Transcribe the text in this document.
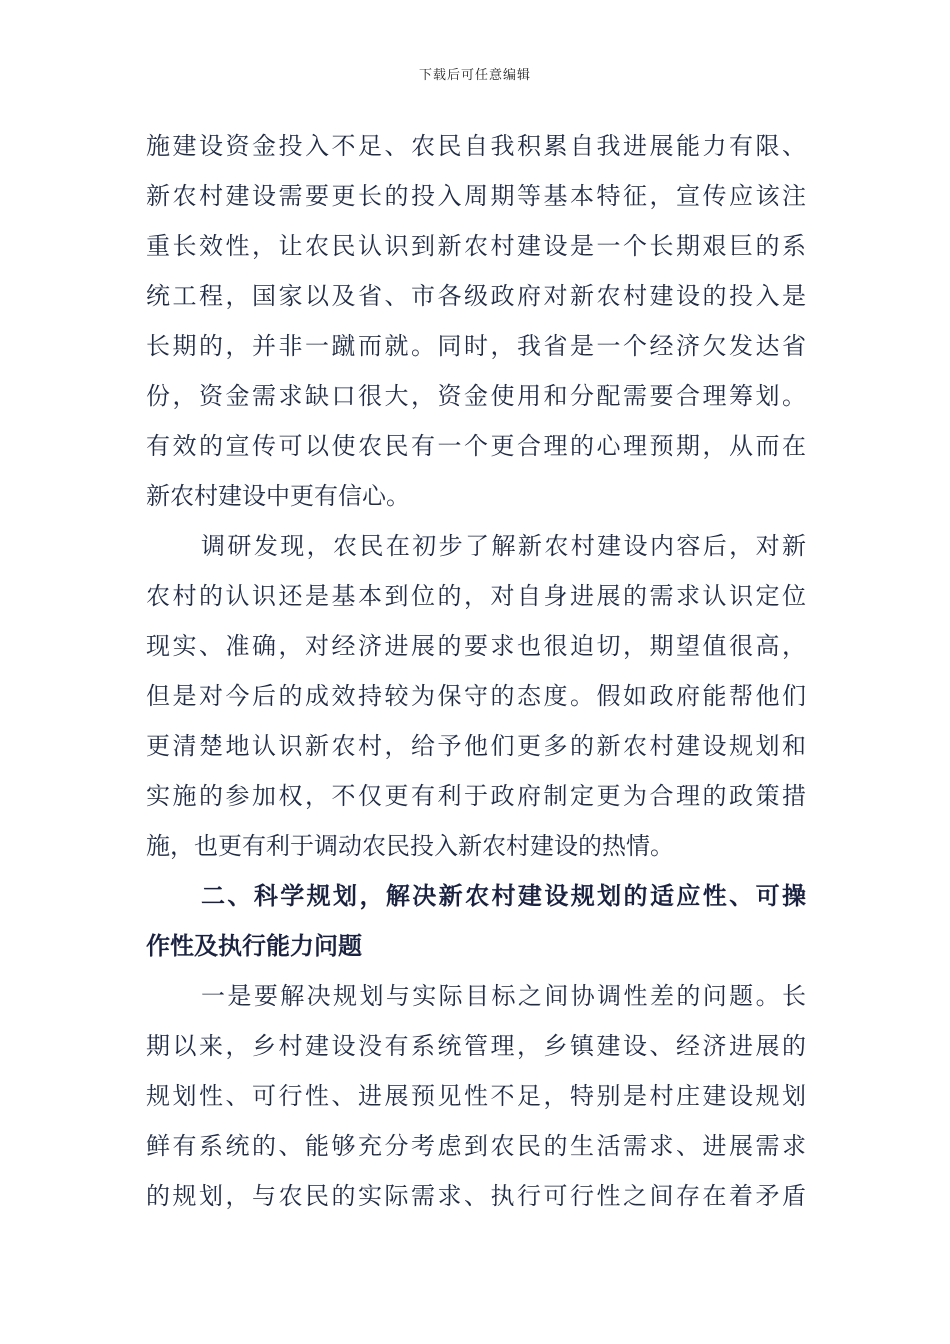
下载后可任意编辑
施建设资金投入不足、农民自我积累自我进展能力有限、
新农村建设需要更长的投入周期等基本特征，宣传应该注
重长效性，让农民认识到新农村建设是一个长期艰巨的系
统工程，国家以及省、市各级政府对新农村建设的投入是
长期的，并非一蹴而就。同时，我省是一个经济欠发达省
份，资金需求缺口很大，资金使用和分配需要合理筹划。
有效的宣传可以使农民有一个更合理的心理预期，从而在
新农村建设中更有信心。
调研发现，农民在初步了解新农村建设内容后，对新
农村的认识还是基本到位的，对自身进展的需求认识定位
现实、准确，对经济进展的要求也很迫切，期望值很高，
但是对今后的成效持较为保守的态度。假如政府能帮他们
更清楚地认识新农村，给予他们更多的新农村建设规划和
实施的参加权，不仅更有利于政府制定更为合理的政策措
施，也更有利于调动农民投入新农村建设的热情。
二、科学规划，解决新农村建设规划的适应性、可操
作性及执行能力问题
一是要解决规划与实际目标之间协调性差的问题。长
期以来，乡村建设没有系统管理，乡镇建设、经济进展的
规划性、可行性、进展预见性不足，特别是村庄建设规划
鲜有系统的、能够充分考虑到农民的生活需求、进展需求
的规划，与农民的实际需求、执行可行性之间存在着矛盾
